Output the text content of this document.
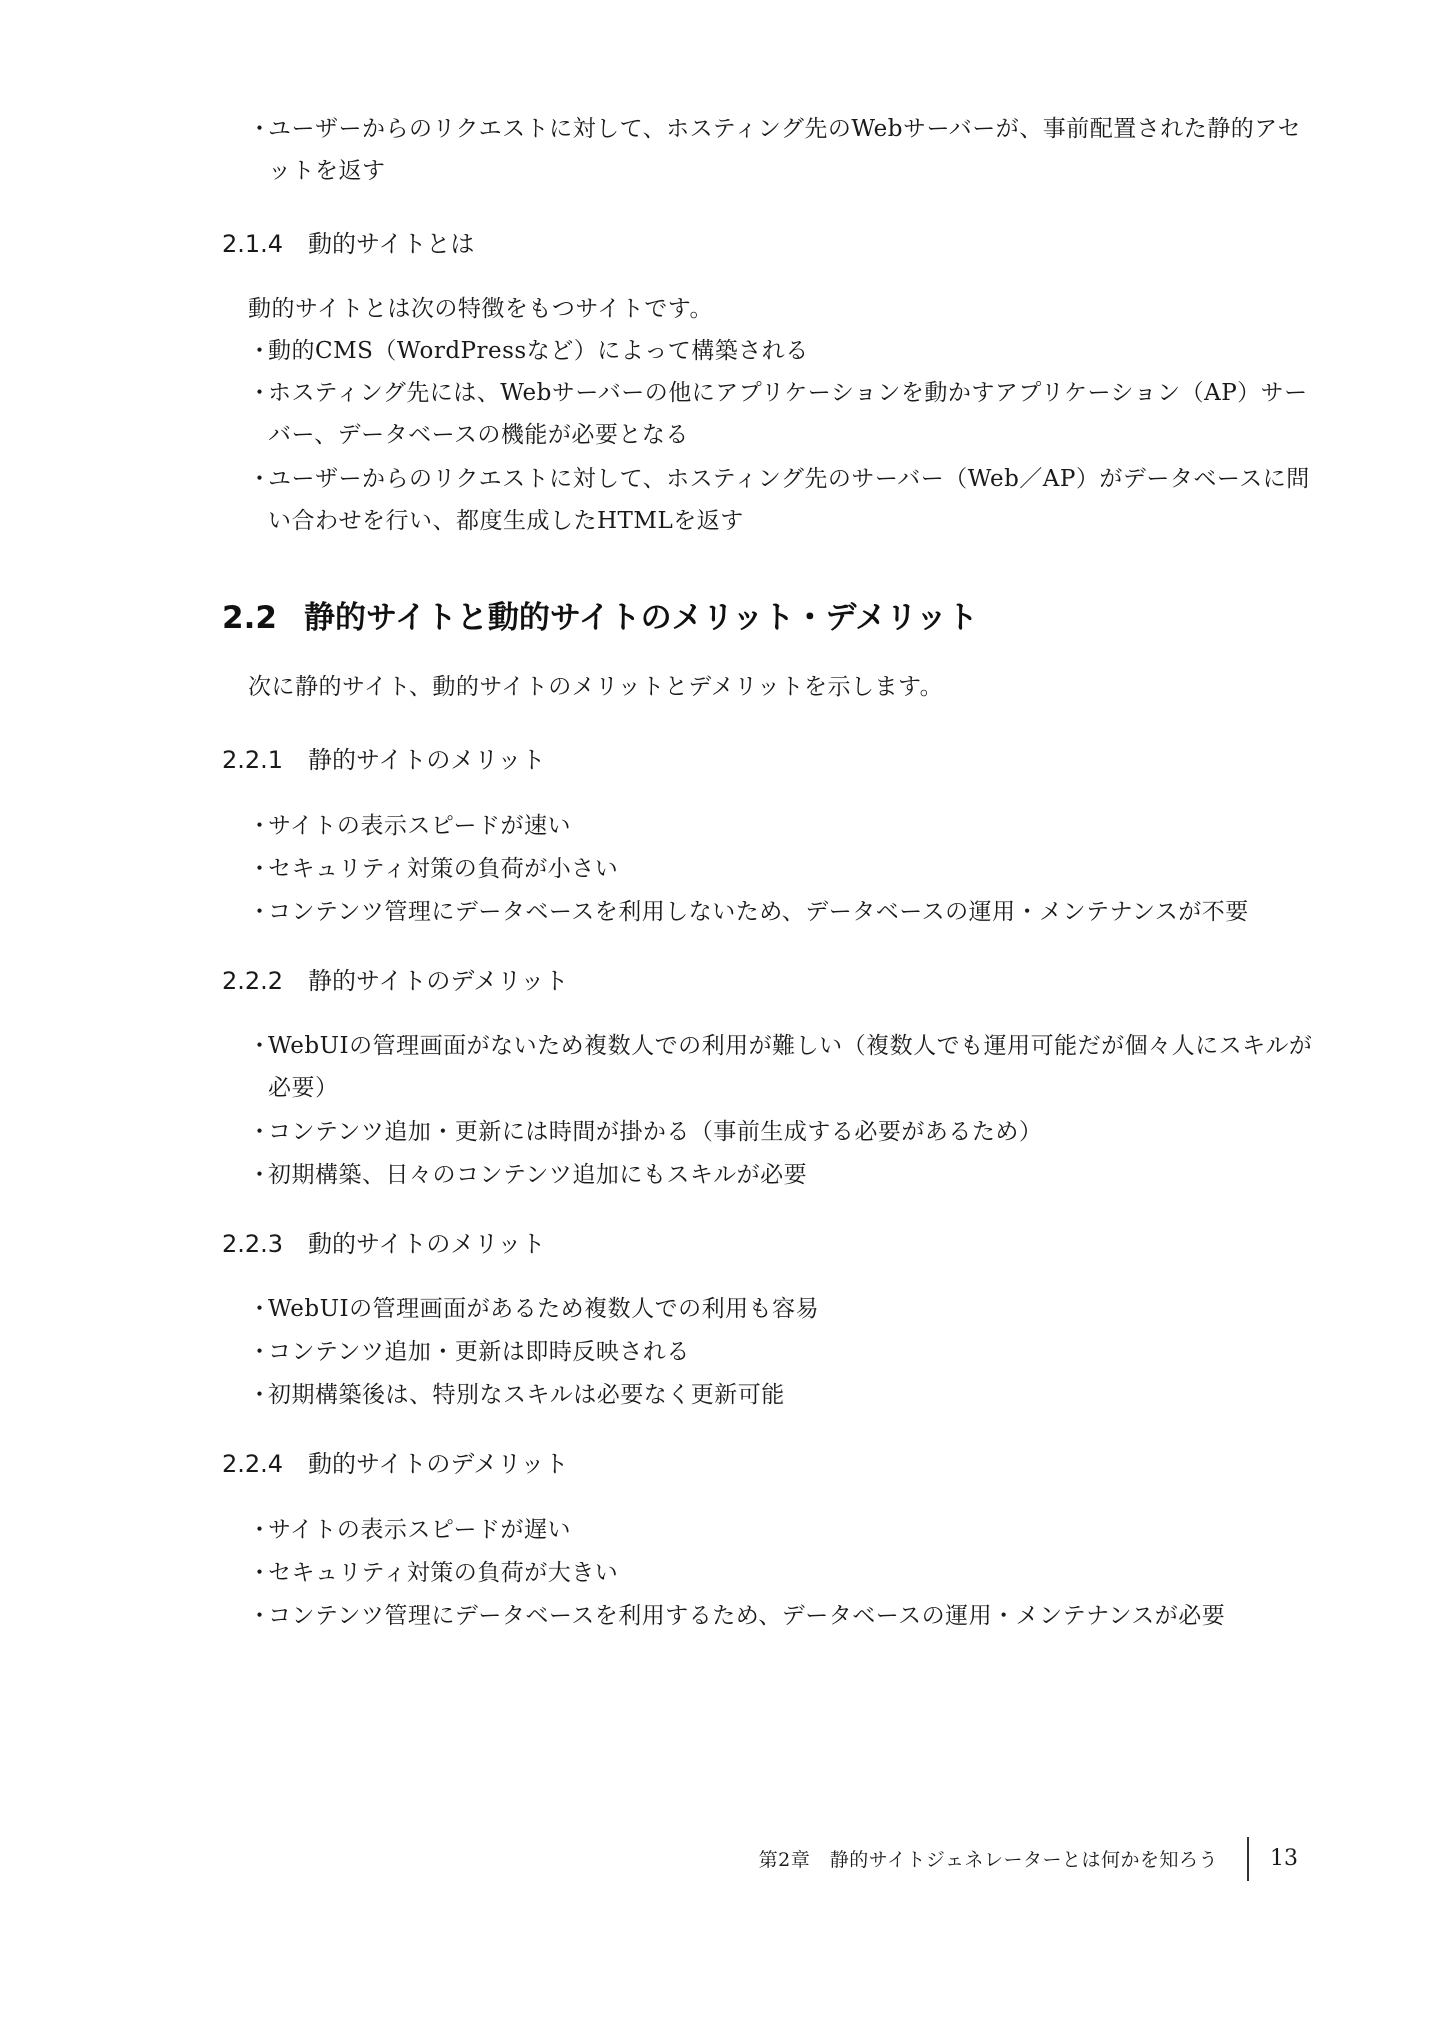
・ユーザーからのリクエストに対して、ホスティング先のWebサーバーが、事前配置された静的アセットを返す
2.1.4 動的サイトとは
動的サイトとは次の特徴をもつサイトです。
・動的CMS（WordPressなど）によって構築される
・ホスティング先には、Webサーバーの他にアプリケーションを動かすアプリケーション（AP）サーバー、データベースの機能が必要となる
・ユーザーからのリクエストに対して、ホスティング先のサーバー（Web／AP）がデータベースに問い合わせを行い、都度生成したHTMLを返す
2.2 静的サイトと動的サイトのメリット・デメリット
次に静的サイト、動的サイトのメリットとデメリットを示します。
2.2.1 静的サイトのメリット
・サイトの表示スピードが速い
・セキュリティ対策の負荷が小さい
・コンテンツ管理にデータベースを利用しないため、データベースの運用・メンテナンスが不要
2.2.2 静的サイトのデメリット
・WebUIの管理画面がないため複数人での利用が難しい（複数人でも運用可能だが個々人にスキルが必要）
・コンテンツ追加・更新には時間が掛かる（事前生成する必要があるため）
・初期構築、日々のコンテンツ追加にもスキルが必要
2.2.3 動的サイトのメリット
・WebUIの管理画面があるため複数人での利用も容易
・コンテンツ追加・更新は即時反映される
・初期構築後は、特別なスキルは必要なく更新可能
2.2.4 動的サイトのデメリット
・サイトの表示スピードが遅い
・セキュリティ対策の負荷が大きい
・コンテンツ管理にデータベースを利用するため、データベースの運用・メンテナンスが必要
第2章　静的サイトジェネレーターとは何かを知ろう 13
